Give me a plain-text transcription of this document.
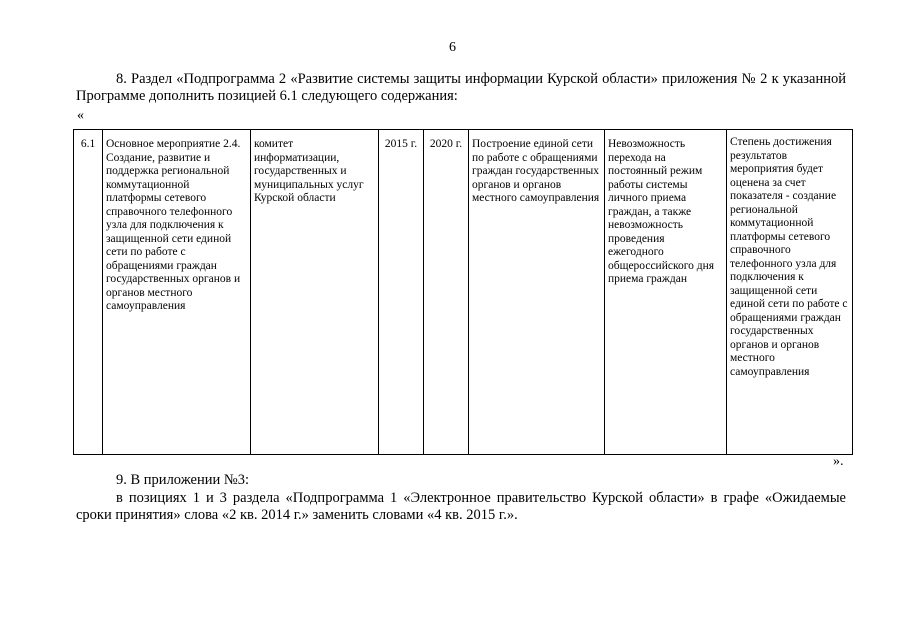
6
8. Раздел «Подпрограмма 2 «Развитие системы защиты информации Курской области» приложения № 2 к указанной Программе дополнить позицией 6.1 следующего содержания:
«
6.1	Основное мероприятие 2.4. Создание, развитие и поддержка региональной коммутационной платформы сетевого справочного телефонного узла для подключения к защищенной сети единой сети по работе с обращениями граждан государственных органов и органов местного самоуправления	комитет информатизации, государственных и муниципальных услуг Курской области	2015 г.	2020 г.	Построение единой сети по работе с обращениями граждан государственных органов и органов местного самоуправления	Невозможность перехода на постоянный режим работы системы личного приема граждан, а также невозможность проведения ежегодного общероссийского дня приема граждан	Степень достижения результатов мероприятия будет оценена за счет показателя - создание региональной коммутационной платформы сетевого справочного телефонного узла для подключения к защищенной сети единой сети по работе с обращениями граждан государственных органов и органов местного самоуправления
».
9. В приложении №3:
в позициях 1 и 3 раздела «Подпрограмма 1 «Электронное правительство Курской области» в графе «Ожидаемые сроки принятия» слова «2 кв. 2014 г.» заменить словами «4 кв. 2015 г.».
